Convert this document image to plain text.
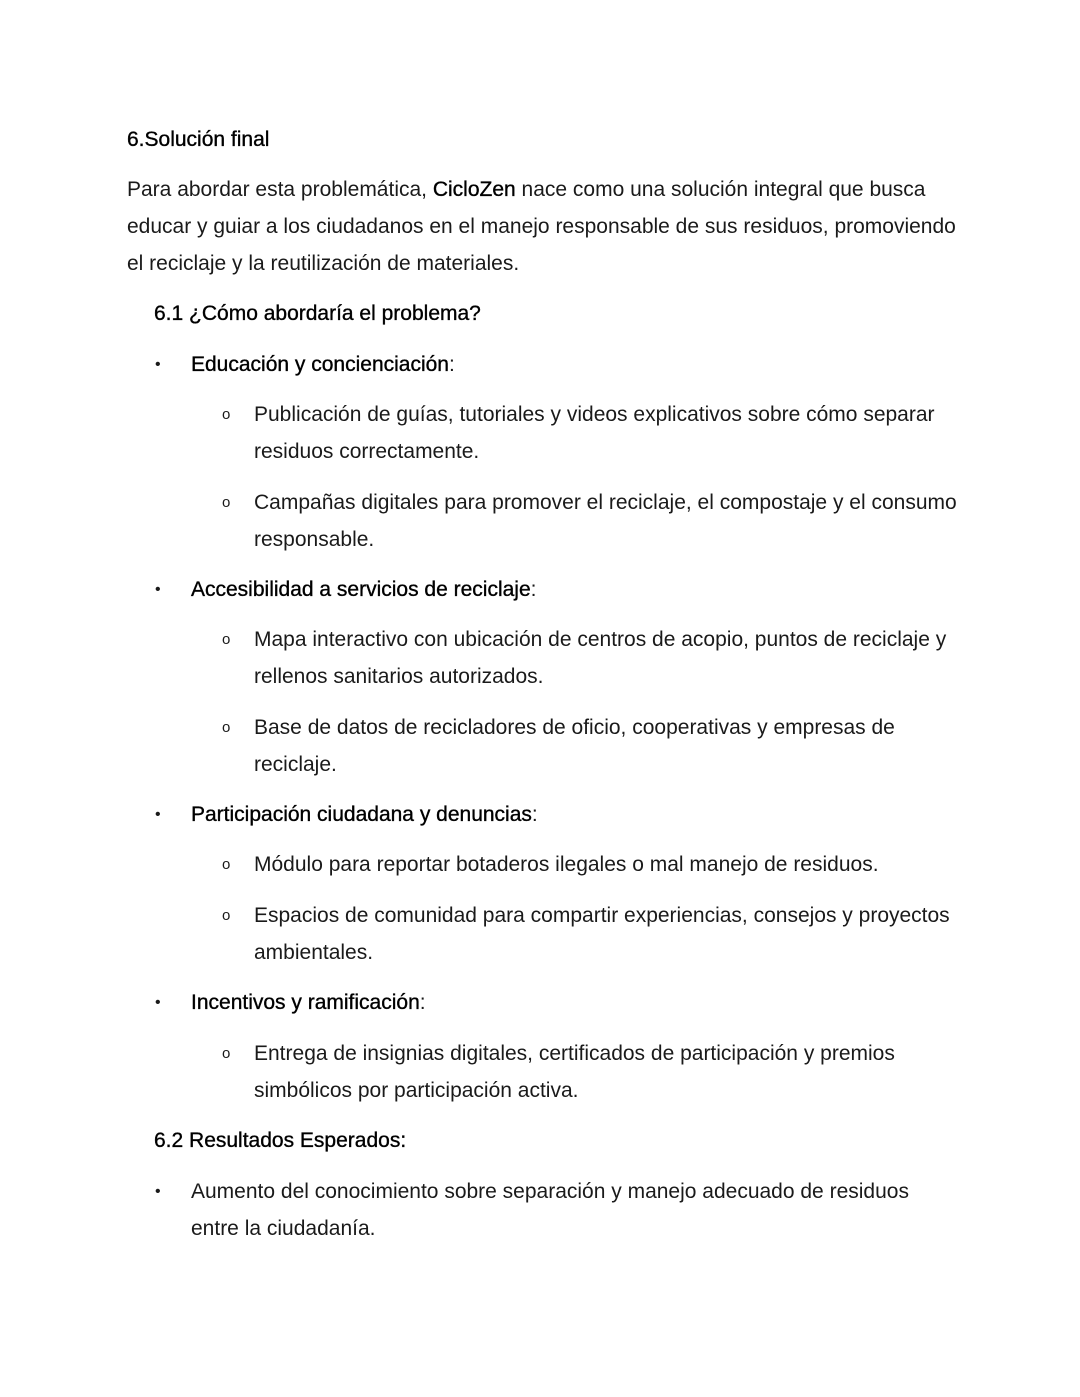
6.Solución final
Para abordar esta problemática, CicloZen nace como una solución integral que busca educar y guiar a los ciudadanos en el manejo responsable de sus residuos, promoviendo el reciclaje y la reutilización de materiales.
6.1 ¿Cómo abordaría el problema?
•	Educación y concienciación:
o Publicación de guías, tutoriales y videos explicativos sobre cómo separar residuos correctamente.
o Campañas digitales para promover el reciclaje, el compostaje y el consumo responsable.
•	Accesibilidad a servicios de reciclaje:
o Mapa interactivo con ubicación de centros de acopio, puntos de reciclaje y rellenos sanitarios autorizados.
o Base de datos de recicladores de oficio, cooperativas y empresas de reciclaje.
•	Participación ciudadana y denuncias:
o Módulo para reportar botaderos ilegales o mal manejo de residuos.
o Espacios de comunidad para compartir experiencias, consejos y proyectos ambientales.
•	Incentivos y ramificación:
o Entrega de insignias digitales, certificados de participación y premios simbólicos por participación activa.
6.2 Resultados Esperados:
• Aumento del conocimiento sobre separación y manejo adecuado de residuos entre la ciudadanía.
